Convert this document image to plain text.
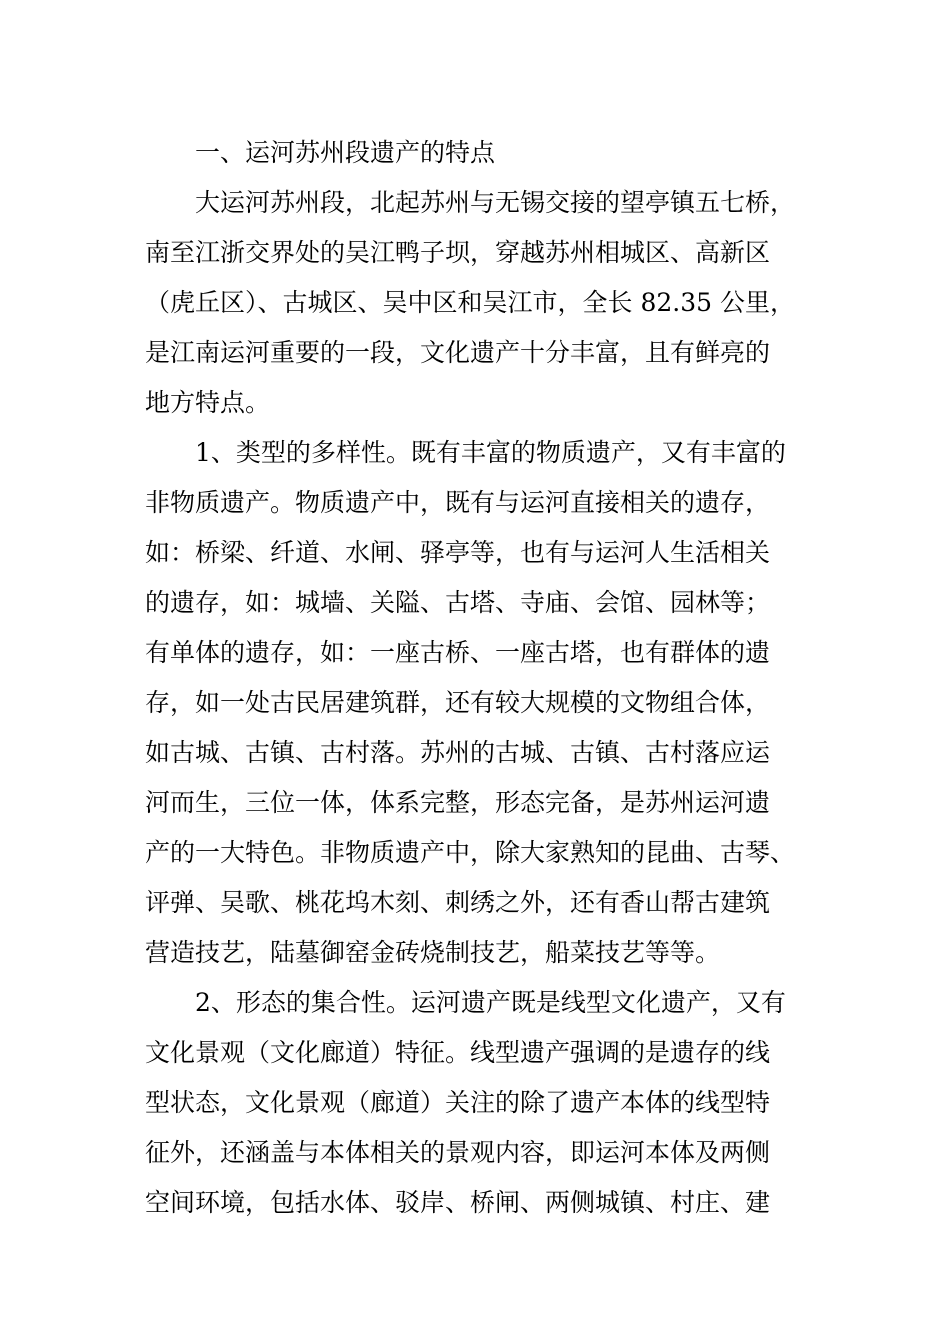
一、运河苏州段遗产的特点
大运河苏州段，北起苏州与无锡交接的望亭镇五七桥，
南至江浙交界处的吴江鸭子坝，穿越苏州相城区、高新区
（虎丘区）、古城区、吴中区和吴江市，全长 82.35 公里，
是江南运河重要的一段，文化遗产十分丰富，且有鲜亮的
地方特点。
1、类型的多样性。既有丰富的物质遗产，又有丰富的
非物质遗产。物质遗产中，既有与运河直接相关的遗存，
如：桥梁、纤道、水闸、驿亭等，也有与运河人生活相关
的遗存，如：城墙、关隘、古塔、寺庙、会馆、园林等；
有单体的遗存，如：一座古桥、一座古塔，也有群体的遗
存，如一处古民居建筑群，还有较大规模的文物组合体，
如古城、古镇、古村落。苏州的古城、古镇、古村落应运
河而生，三位一体，体系完整，形态完备，是苏州运河遗
产的一大特色。非物质遗产中，除大家熟知的昆曲、古琴、
评弹、吴歌、桃花坞木刻、刺绣之外，还有香山帮古建筑
营造技艺，陆墓御窑金砖烧制技艺，船菜技艺等等。
2、形态的集合性。运河遗产既是线型文化遗产，又有
文化景观（文化廊道）特征。线型遗产强调的是遗存的线
型状态，文化景观（廊道）关注的除了遗产本体的线型特
征外，还涵盖与本体相关的景观内容，即运河本体及两侧
空间环境，包括水体、驳岸、桥闸、两侧城镇、村庄、建
